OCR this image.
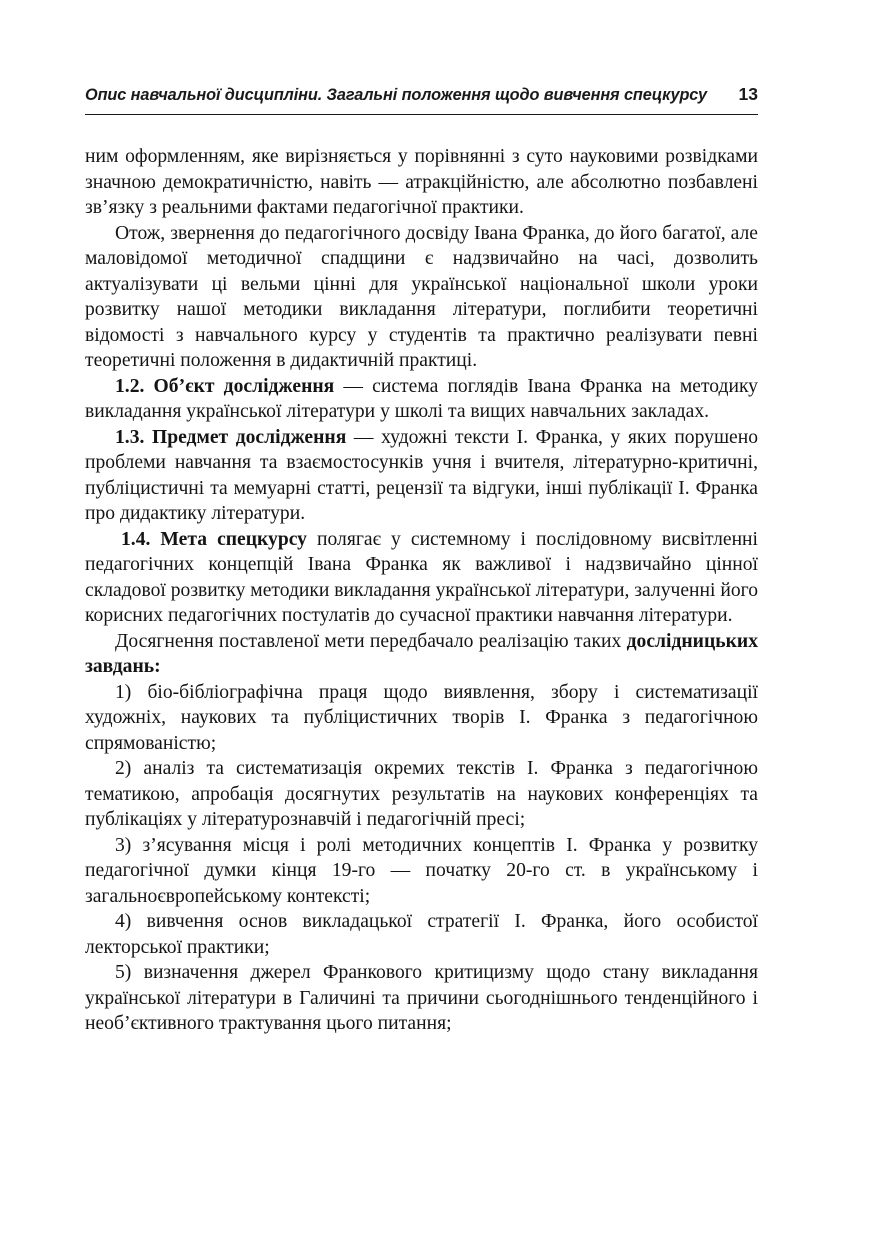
Опис навчальної дисципліни. Загальні положення щодо вивчення спецкурсу 13

ним оформленням, яке вирізняється у порівнянні з суто науковими розвідками значною демократичністю, навіть — атракційністю, але абсолютно позбавлені зв’язку з реальними фактами педагогічної практики.

Отож, звернення до педагогічного досвіду Івана Франка, до його багатої, але маловідомої методичної спадщини є надзвичайно на часі, дозволить актуалізувати ці вельми цінні для української національної школи уроки розвитку нашої методики викладання літератури, поглибити теоретичні відомості з навчального курсу у студентів та практично реалізувати певні теоретичні положення в дидактичній практиці.

1.2. Об’єкт дослідження — система поглядів Івана Франка на методику викладання української літератури у школі та вищих навчальних закладах.

1.3. Предмет дослідження — художні тексти І. Франка, у яких порушено проблеми навчання та взаємостосунків учня і вчителя, літературно-критичні, публіцистичні та мемуарні статті, рецензії та відгуки, інші публікації І. Франка про дидактику літератури.

1.4. Мета спецкурсу полягає у системному і послідовному висвітленні педагогічних концепцій Івана Франка як важливої і надзвичайно цінної складової розвитку методики викладання української літератури, залученні його корисних педагогічних постулатів до сучасної практики навчання літератури.

Досягнення поставленої мети передбачало реалізацію таких дослідницьких завдань:

1) біо-бібліографічна праця щодо виявлення, збору і систематизації художніх, наукових та публіцистичних творів І. Франка з педагогічною спрямованістю;

2) аналіз та систематизація окремих текстів І. Франка з педагогічною тематикою, апробація досягнутих результатів на наукових конференціях та публікаціях у літературознавчій і педагогічній пресі;

3) з’ясування місця і ролі методичних концептів І. Франка у розвитку педагогічної думки кінця 19-го — початку 20-го ст. в українському і загальноєвропейському контексті;

4) вивчення основ викладацької стратегії І. Франка, його особистої лекторської практики;

5) визначення джерел Франкового критицизму щодо стану викладання української літератури в Галичині та причини сьогоднішнього тенденційного і необ’єктивного трактування цього питання;
